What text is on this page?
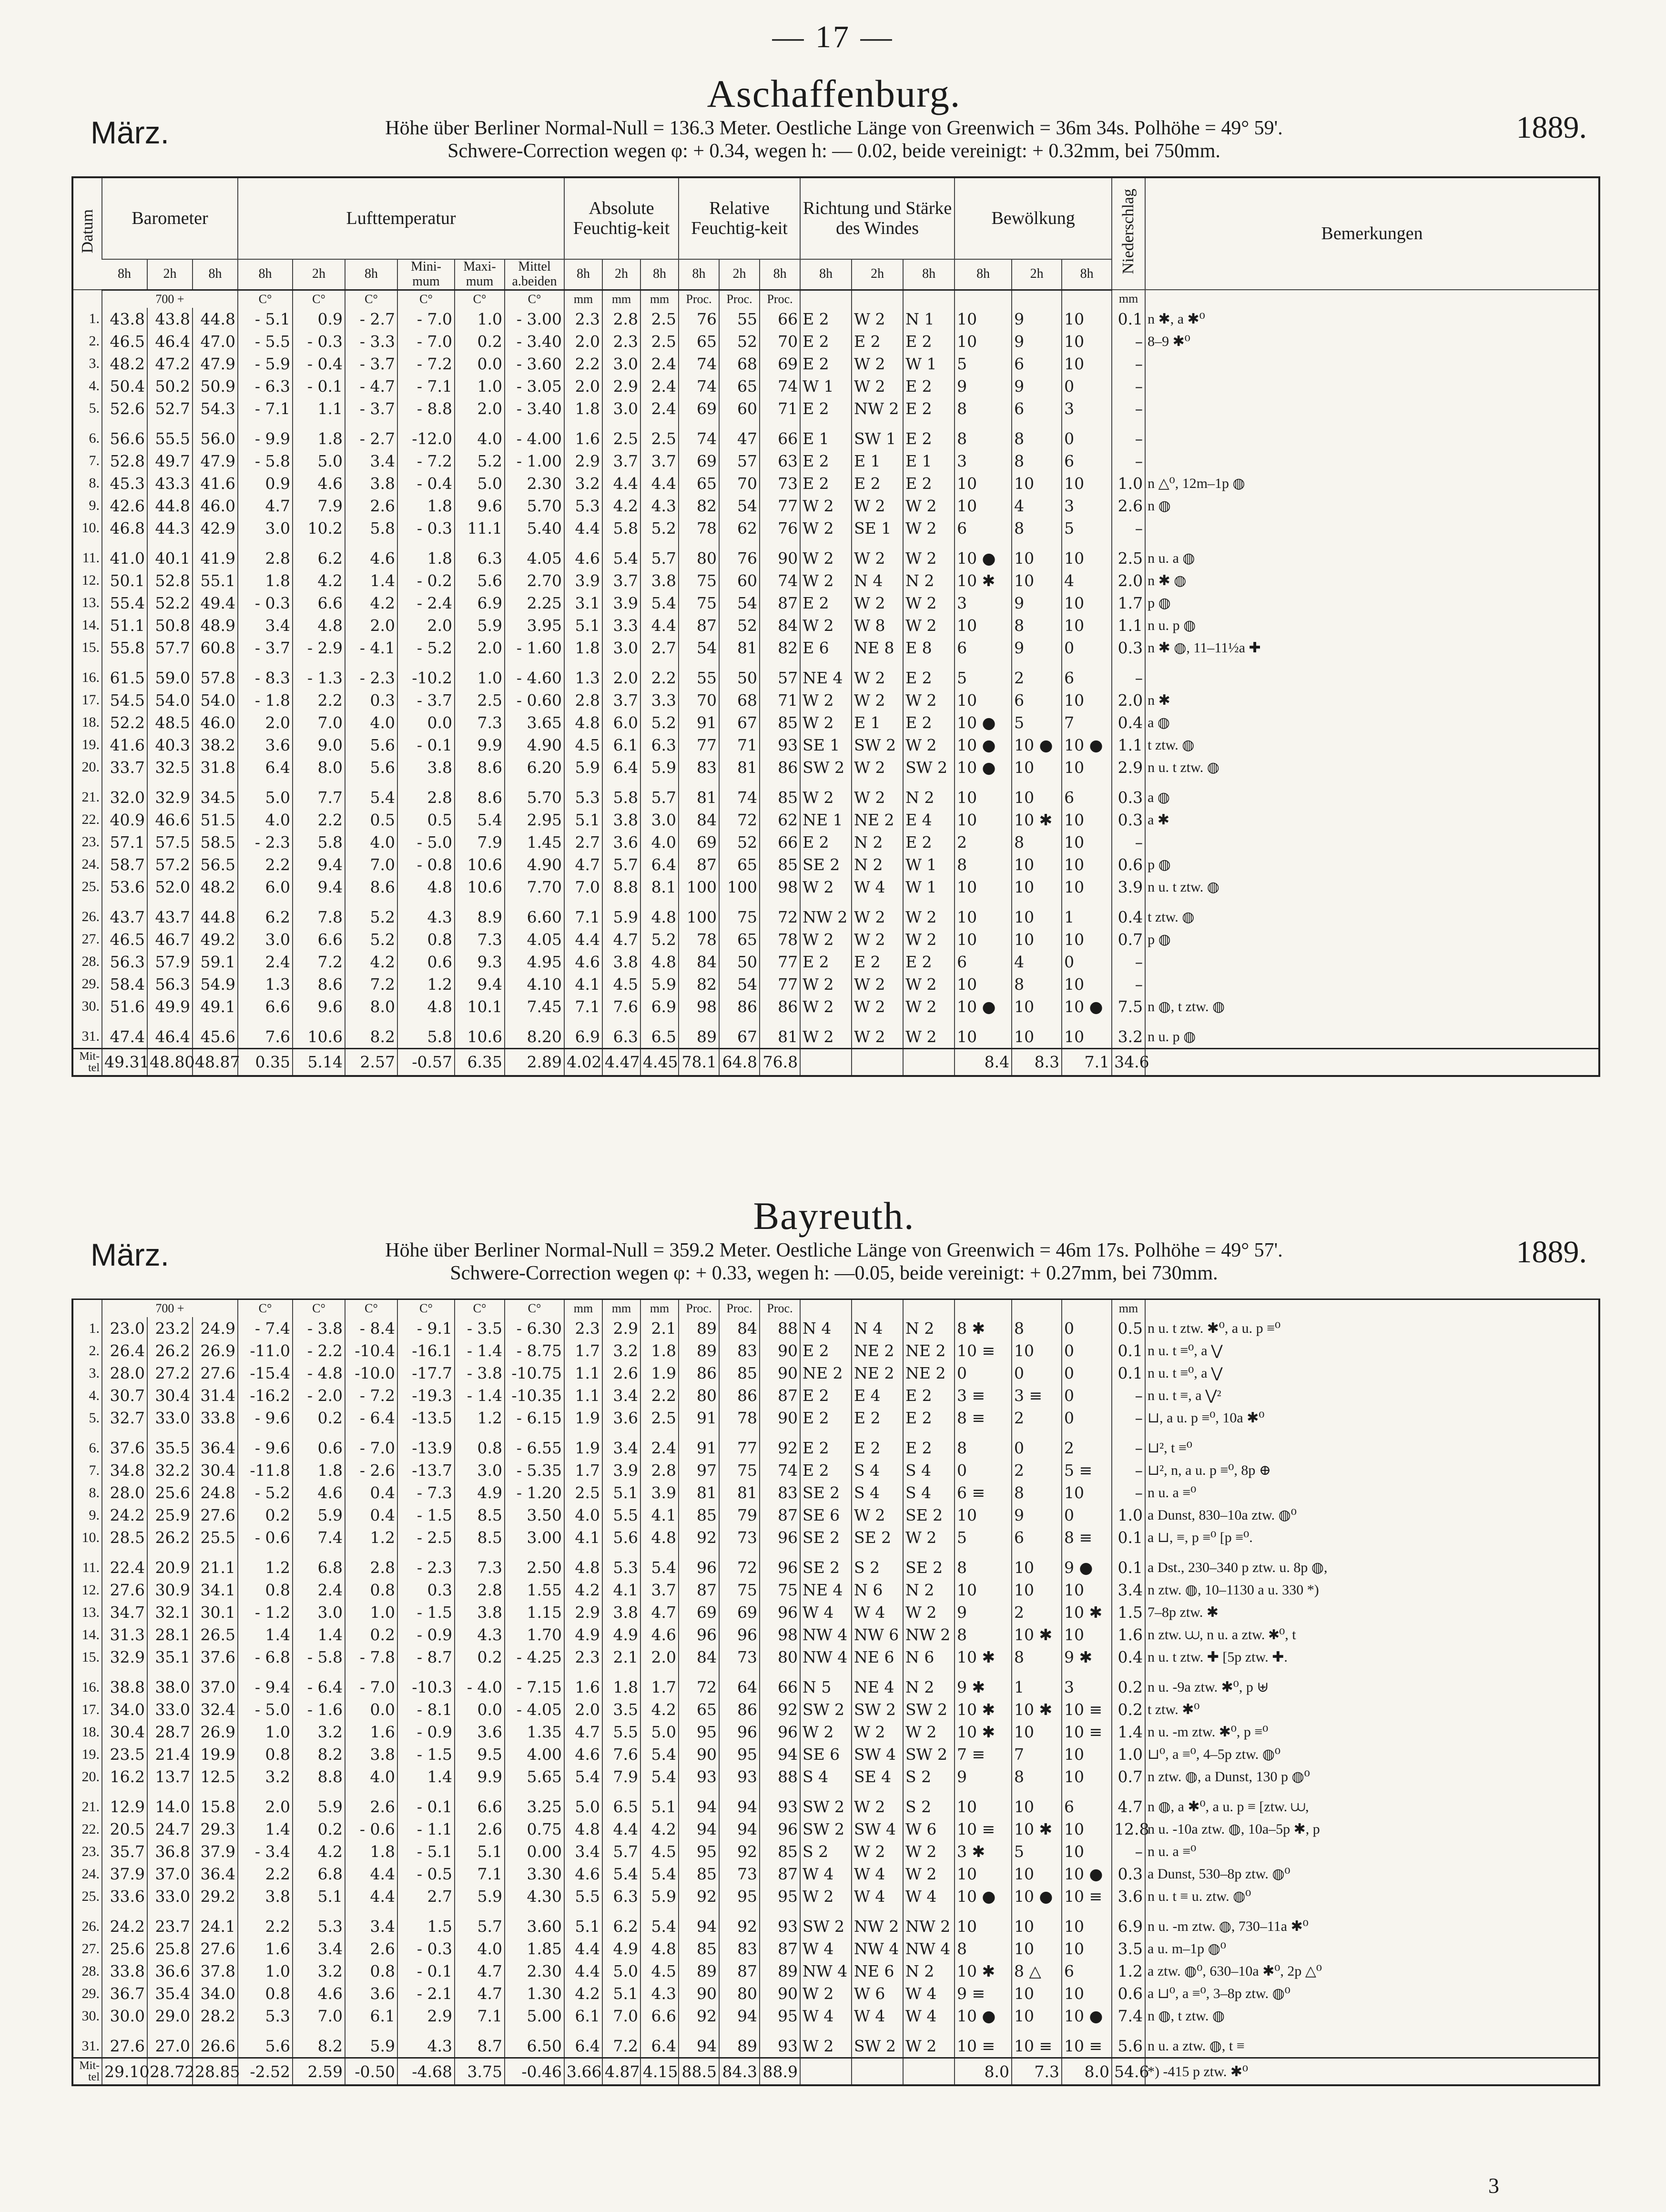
— 17 —
Aschaffenburg.
März.	1889.
Höhe über Berliner Normal-Null = 136.3 Meter. Oestliche Länge von Greenwich = 36m 34s. Polhöhe = 49° 59'.
Schwere-Correction wegen φ: + 0.34, wegen h: — 0.02, beide vereinigt: + 0.32mm, bei 750mm.
Datum	Barometer			Lufttemperatur						Absolute Feuchtig-keit			Relative Feuchtig-keit			Richtung und Stärke des Windes			Bewölkung			Niederschlag	Bemerkungen
	8h	2h	8h	8h	2h	8h	Mini-mum	Maxi-mum	Mittel a.beiden	8h	2h	8h	8h	2h	8h	8h	2h	8h	8h	2h	8h		
	700 +			C°	C°	C°	C°	C°	C°	mm	mm	mm	Proc.	Proc.	Proc.							mm	
1.	43.8	43.8	44.8	- 5.1	0.9	- 2.7	- 7.0	1.0	- 3.00	2.3	2.8	2.5	76	55	66	E 2	W 2	N 1	10	9	10	0.1	n ✱, a ✱⁰
2.	46.5	46.4	47.0	- 5.5	- 0.3	- 3.3	- 7.0	0.2	- 3.40	2.0	2.3	2.5	65	52	70	E 2	E 2	E 2	10	9	10	–	8–9 ✱⁰
3.	48.2	47.2	47.9	- 5.9	- 0.4	- 3.7	- 7.2	0.0	- 3.60	2.2	3.0	2.4	74	68	69	E 2	W 2	W 1	5	6	10	–	
4.	50.4	50.2	50.9	- 6.3	- 0.1	- 4.7	- 7.1	1.0	- 3.05	2.0	2.9	2.4	74	65	74	W 1	W 2	E 2	9	9	0	–	
5.	52.6	52.7	54.3	- 7.1	1.1	- 3.7	- 8.8	2.0	- 3.40	1.8	3.0	2.4	69	60	71	E 2	NW 2	E 2	8	6	3	–	
6.	56.6	55.5	56.0	- 9.9	1.8	- 2.7	-12.0	4.0	- 4.00	1.6	2.5	2.5	74	47	66	E 1	SW 1	E 2	8	8	0	–	
7.	52.8	49.7	47.9	- 5.8	5.0	3.4	- 7.2	5.2	- 1.00	2.9	3.7	3.7	69	57	63	E 2	E 1	E 1	3	8	6	–	
8.	45.3	43.3	41.6	0.9	4.6	3.8	- 0.4	5.0	2.30	3.2	4.4	4.4	65	70	73	E 2	E 2	E 2	10	10	10	1.0	n △⁰, 12m–1p ◍
9.	42.6	44.8	46.0	4.7	7.9	2.6	1.8	9.6	5.70	5.3	4.2	4.3	82	54	77	W 2	W 2	W 2	10	4	3	2.6	n ◍
10.	46.8	44.3	42.9	3.0	10.2	5.8	- 0.3	11.1	5.40	4.4	5.8	5.2	78	62	76	W 2	SE 1	W 2	6	8	5	–	
11.	41.0	40.1	41.9	2.8	6.2	4.6	1.8	6.3	4.05	4.6	5.4	5.7	80	76	90	W 2	W 2	W 2	10 ●	10	10	2.5	n u. a ◍
12.	50.1	52.8	55.1	1.8	4.2	1.4	- 0.2	5.6	2.70	3.9	3.7	3.8	75	60	74	W 2	N 4	N 2	10 ✱	10	4	2.0	n ✱ ◍
13.	55.4	52.2	49.4	- 0.3	6.6	4.2	- 2.4	6.9	2.25	3.1	3.9	5.4	75	54	87	E 2	W 2	W 2	3	9	10	1.7	p ◍
14.	51.1	50.8	48.9	3.4	4.8	2.0	2.0	5.9	3.95	5.1	3.3	4.4	87	52	84	W 2	W 8	W 2	10	8	10	1.1	n u. p ◍
15.	55.8	57.7	60.8	- 3.7	- 2.9	- 4.1	- 5.2	2.0	- 1.60	1.8	3.0	2.7	54	81	82	E 6	NE 8	E 8	6	9	0	0.3	n ✱ ◍, 11–11½a ✚
16.	61.5	59.0	57.8	- 8.3	- 1.3	- 2.3	-10.2	1.0	- 4.60	1.3	2.0	2.2	55	50	57	NE 4	W 2	E 2	5	2	6	–	
17.	54.5	54.0	54.0	- 1.8	2.2	0.3	- 3.7	2.5	- 0.60	2.8	3.7	3.3	70	68	71	W 2	W 2	W 2	10	6	10	2.0	n ✱
18.	52.2	48.5	46.0	2.0	7.0	4.0	0.0	7.3	3.65	4.8	6.0	5.2	91	67	85	W 2	E 1	E 2	10 ●	5	7	0.4	a ◍
19.	41.6	40.3	38.2	3.6	9.0	5.6	- 0.1	9.9	4.90	4.5	6.1	6.3	77	71	93	SE 1	SW 2	W 2	10 ●	10 ●	10 ●	1.1	t ztw. ◍
20.	33.7	32.5	31.8	6.4	8.0	5.6	3.8	8.6	6.20	5.9	6.4	5.9	83	81	86	SW 2	W 2	SW 2	10 ●	10	10	2.9	n u. t ztw. ◍
21.	32.0	32.9	34.5	5.0	7.7	5.4	2.8	8.6	5.70	5.3	5.8	5.7	81	74	85	W 2	W 2	N 2	10	10	6	0.3	a ◍
22.	40.9	46.6	51.5	4.0	2.2	0.5	0.5	5.4	2.95	5.1	3.8	3.0	84	72	62	NE 1	NE 2	E 4	10	10 ✱	10	0.3	a ✱
23.	57.1	57.5	58.5	- 2.3	5.8	4.0	- 5.0	7.9	1.45	2.7	3.6	4.0	69	52	66	E 2	N 2	E 2	2	8	10	–	
24.	58.7	57.2	56.5	2.2	9.4	7.0	- 0.8	10.6	4.90	4.7	5.7	6.4	87	65	85	SE 2	N 2	W 1	8	10	10	0.6	p ◍
25.	53.6	52.0	48.2	6.0	9.4	8.6	4.8	10.6	7.70	7.0	8.8	8.1	100	100	98	W 2	W 4	W 1	10	10	10	3.9	n u. t ztw. ◍
26.	43.7	43.7	44.8	6.2	7.8	5.2	4.3	8.9	6.60	7.1	5.9	4.8	100	75	72	NW 2	W 2	W 2	10	10	1	0.4	t ztw. ◍
27.	46.5	46.7	49.2	3.0	6.6	5.2	0.8	7.3	4.05	4.4	4.7	5.2	78	65	78	W 2	W 2	W 2	10	10	10	0.7	p ◍
28.	56.3	57.9	59.1	2.4	7.2	4.2	0.6	9.3	4.95	4.6	3.8	4.8	84	50	77	E 2	E 2	E 2	6	4	0	–	
29.	58.4	56.3	54.9	1.3	8.6	7.2	1.2	9.4	4.10	4.1	4.5	5.9	82	54	77	W 2	W 2	W 2	10	8	10	–	
30.	51.6	49.9	49.1	6.6	9.6	8.0	4.8	10.1	7.45	7.1	7.6	6.9	98	86	86	W 2	W 2	W 2	10 ●	10	10 ●	7.5	n ◍, t ztw. ◍
31.	47.4	46.4	45.6	7.6	10.6	8.2	5.8	10.6	8.20	6.9	6.3	6.5	89	67	81	W 2	W 2	W 2	10	10	10	3.2	n u. p ◍
Mit-tel	49.31	48.80	48.87	0.35	5.14	2.57	-0.57	6.35	2.89	4.02	4.47	4.45	78.1	64.8	76.8				8.4	8.3	7.1	34.6	
Bayreuth.
März.	1889.
Höhe über Berliner Normal-Null = 359.2 Meter. Oestliche Länge von Greenwich = 46m 17s. Polhöhe = 49° 57'.
Schwere-Correction wegen φ: + 0.33, wegen h: —0.05, beide vereinigt: + 0.27mm, bei 730mm.
	700 +			C°	C°	C°	C°	C°	C°	mm	mm	mm	Proc.	Proc.	Proc.							mm	
1.	23.0	23.2	24.9	- 7.4	- 3.8	- 8.4	- 9.1	- 3.5	- 6.30	2.3	2.9	2.1	89	84	88	N 4	N 4	N 2	8 ✱	8	0	0.5	n u. t ztw. ✱⁰, a u. p ≡⁰
2.	26.4	26.2	26.9	-11.0	- 2.2	-10.4	-16.1	- 1.4	- 8.75	1.7	3.2	1.8	89	83	90	E 2	NE 2	NE 2	10 ≡	10	0	0.1	n u. t ≡⁰, a ⋁
3.	28.0	27.2	27.6	-15.4	- 4.8	-10.0	-17.7	- 3.8	-10.75	1.1	2.6	1.9	86	85	90	NE 2	NE 2	NE 2	0	0	0	0.1	n u. t ≡⁰, a ⋁
4.	30.7	30.4	31.4	-16.2	- 2.0	- 7.2	-19.3	- 1.4	-10.35	1.1	3.4	2.2	80	86	87	E 2	E 4	E 2	3 ≡	3 ≡	0	–	n u. t ≡, a ⋁²
5.	32.7	33.0	33.8	- 9.6	0.2	- 6.4	-13.5	1.2	- 6.15	1.9	3.6	2.5	91	78	90	E 2	E 2	E 2	8 ≡	2	0	–	⊔, a u. p ≡⁰, 10a ✱⁰
6.	37.6	35.5	36.4	- 9.6	0.6	- 7.0	-13.9	0.8	- 6.55	1.9	3.4	2.4	91	77	92	E 2	E 2	E 2	8	0	2	–	⊔², t ≡⁰
7.	34.8	32.2	30.4	-11.8	1.8	- 2.6	-13.7	3.0	- 5.35	1.7	3.9	2.8	97	75	74	E 2	S 4	S 4	0	2	5 ≡	–	⊔², n, a u. p ≡⁰, 8p ⊕
8.	28.0	25.6	24.8	- 5.2	4.6	0.4	- 7.3	4.9	- 1.20	2.5	5.1	3.9	81	81	83	SE 2	S 4	S 4	6 ≡	8	10	–	n u. a ≡⁰
9.	24.2	25.9	27.6	0.2	5.9	0.4	- 1.5	8.5	3.50	4.0	5.5	4.1	85	79	87	SE 6	W 2	SE 2	10	9	0	1.0	a Dunst, 830–10a ztw. ◍⁰
10.	28.5	26.2	25.5	- 0.6	7.4	1.2	- 2.5	8.5	3.00	4.1	5.6	4.8	92	73	96	SE 2	SE 2	W 2	5	6	8 ≡	0.1	a ⊔, ≡, p ≡⁰ [p ≡⁰.
11.	22.4	20.9	21.1	1.2	6.8	2.8	- 2.3	7.3	2.50	4.8	5.3	5.4	96	72	96	SE 2	S 2	SE 2	8	10	9 ●	0.1	a Dst., 230–340 p ztw. u. 8p ◍,
12.	27.6	30.9	34.1	0.8	2.4	0.8	0.3	2.8	1.55	4.2	4.1	3.7	87	75	75	NE 4	N 6	N 2	10	10	10	3.4	n ztw. ◍, 10–1130 a u. 330 *)
13.	34.7	32.1	30.1	- 1.2	3.0	1.0	- 1.5	3.8	1.15	2.9	3.8	4.7	69	69	96	W 4	W 4	W 2	9	2	10 ✱	1.5	7–8p ztw. ✱
14.	31.3	28.1	26.5	1.4	1.4	0.2	- 0.9	4.3	1.70	4.9	4.9	4.6	96	96	98	NW 4	NW 6	NW 2	8	10 ✱	10	1.6	n ztw. ⩊, n u. a ztw. ✱⁰, t
15.	32.9	35.1	37.6	- 6.8	- 5.8	- 7.8	- 8.7	0.2	- 4.25	2.3	2.1	2.0	84	73	80	NW 4	NE 6	N 6	10 ✱	8	9 ✱	0.4	n u. t ztw. ✚ [5p ztw. ✚.
16.	38.8	38.0	37.0	- 9.4	- 6.4	- 7.0	-10.3	- 4.0	- 7.15	1.6	1.8	1.7	72	64	66	N 5	NE 4	N 2	9 ✱	1	3	0.2	n u. -9a ztw. ✱⁰, p ⊎
17.	34.0	33.0	32.4	- 5.0	- 1.6	0.0	- 8.1	0.0	- 4.05	2.0	3.5	4.2	65	86	92	SW 2	SW 2	SW 2	10 ✱	10 ✱	10 ≡	0.2	t ztw. ✱⁰
18.	30.4	28.7	26.9	1.0	3.2	1.6	- 0.9	3.6	1.35	4.7	5.5	5.0	95	96	96	W 2	W 2	W 2	10 ✱	10	10 ≡	1.4	n u. -m ztw. ✱⁰, p ≡⁰
19.	23.5	21.4	19.9	0.8	8.2	3.8	- 1.5	9.5	4.00	4.6	7.6	5.4	90	95	94	SE 6	SW 4	SW 2	7 ≡	7	10	1.0	⊔⁰, a ≡⁰, 4–5p ztw. ◍⁰
20.	16.2	13.7	12.5	3.2	8.8	4.0	1.4	9.9	5.65	5.4	7.9	5.4	93	93	88	S 4	SE 4	S 2	9	8	10	0.7	n ztw. ◍, a Dunst, 130 p ◍⁰
21.	12.9	14.0	15.8	2.0	5.9	2.6	- 0.1	6.6	3.25	5.0	6.5	5.1	94	94	93	SW 2	W 2	S 2	10	10	6	4.7	n ◍, a ✱⁰, a u. p ≡ [ztw. ⩊,
22.	20.5	24.7	29.3	1.4	0.2	- 0.6	- 1.1	2.6	0.75	4.8	4.4	4.2	94	94	96	SW 2	SW 4	W 6	10 ≡	10 ✱	10	12.8	n u. -10a ztw. ◍, 10a–5p ✱, p
23.	35.7	36.8	37.9	- 3.4	4.2	1.8	- 5.1	5.1	0.00	3.4	5.7	4.5	95	92	85	S 2	W 2	W 2	3 ✱	5	10	–	n u. a ≡⁰
24.	37.9	37.0	36.4	2.2	6.8	4.4	- 0.5	7.1	3.30	4.6	5.4	5.4	85	73	87	W 4	W 4	W 2	10	10	10 ●	0.3	a Dunst, 530–8p ztw. ◍⁰
25.	33.6	33.0	29.2	3.8	5.1	4.4	2.7	5.9	4.30	5.5	6.3	5.9	92	95	95	W 2	W 4	W 4	10 ●	10 ●	10 ≡	3.6	n u. t ≡ u. ztw. ◍⁰
26.	24.2	23.7	24.1	2.2	5.3	3.4	1.5	5.7	3.60	5.1	6.2	5.4	94	92	93	SW 2	NW 2	NW 2	10	10	10	6.9	n u. -m ztw. ◍, 730–11a ✱⁰
27.	25.6	25.8	27.6	1.6	3.4	2.6	- 0.3	4.0	1.85	4.4	4.9	4.8	85	83	87	W 4	NW 4	NW 4	8	10	10	3.5	a u. m–1p ◍⁰
28.	33.8	36.6	37.8	1.0	3.2	0.8	- 0.1	4.7	2.30	4.4	5.0	4.5	89	87	89	NW 4	NE 6	N 2	10 ✱	8 △	6	1.2	a ztw. ◍⁰, 630–10a ✱⁰, 2p △⁰
29.	36.7	35.4	34.0	0.8	4.6	3.6	- 2.1	4.7	1.30	4.2	5.1	4.3	90	80	90	W 2	W 6	W 4	9 ≡	10	10	0.6	a ⊔⁰, a ≡⁰, 3–8p ztw. ◍⁰
30.	30.0	29.0	28.2	5.3	7.0	6.1	2.9	7.1	5.00	6.1	7.0	6.6	92	94	95	W 4	W 4	W 4	10 ●	10	10 ●	7.4	n ◍, t ztw. ◍
31.	27.6	27.0	26.6	5.6	8.2	5.9	4.3	8.7	6.50	6.4	7.2	6.4	94	89	93	W 2	SW 2	W 2	10 ≡	10 ≡	10 ≡	5.6	n u. a ztw. ◍, t ≡
Mit-tel	29.10	28.72	28.85	-2.52	2.59	-0.50	-4.68	3.75	-0.46	3.66	4.87	4.15	88.5	84.3	88.9				8.0	7.3	8.0	54.6	*) -415 p ztw. ✱⁰
3
